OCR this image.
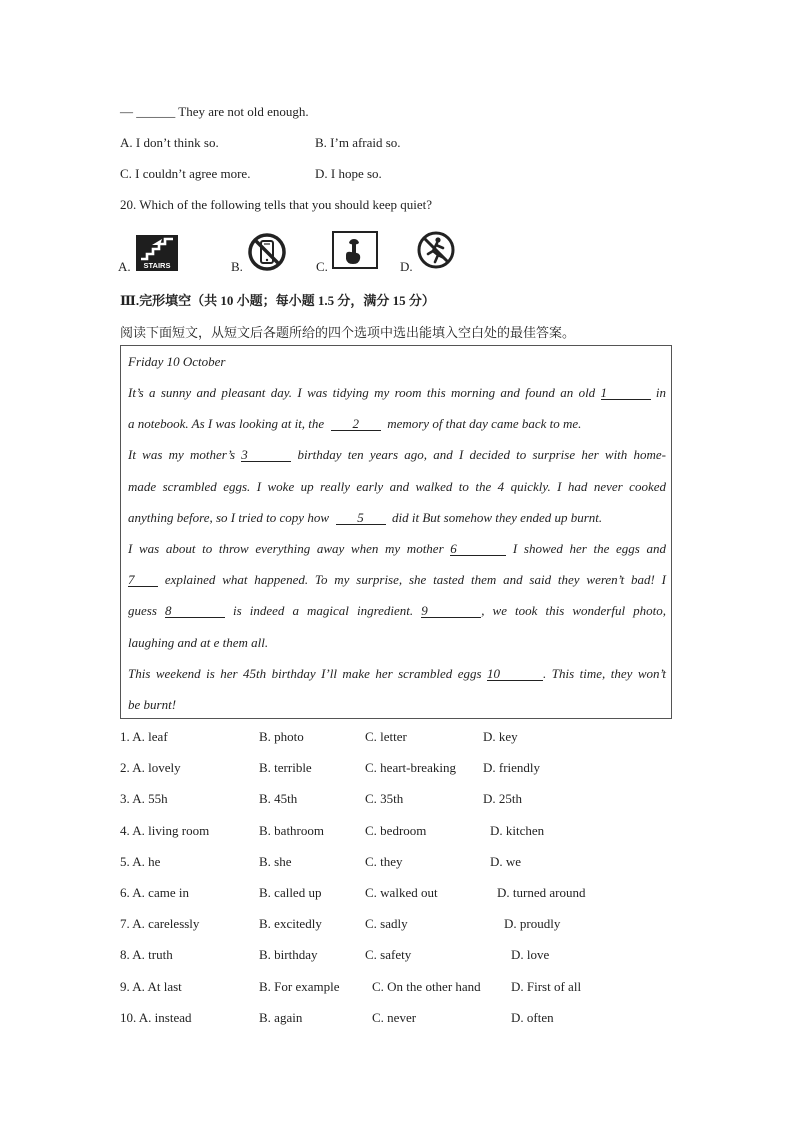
— ______ They are not old enough.
A. I don’t think so.	B. I’m afraid so.
C. I couldn’t agree more.	D. I hope so.
20. Which of the following tells that you should keep quiet?
A. STAIRS	B.	C.	D.
Ⅲ.完形填空（共 10 小题；每小题 1.5 分，满分 15 分）
阅读下面短文，从短文后各题所给的四个选项中选出能填入空白处的最佳答案。
Friday 10 October
It’s a sunny and pleasant day. I was tidying my room this morning and found an old 1	in
a notebook. As I was looking at it, the 2 memory of that day came back to me.
It was my mother’s 3	birthday ten years ago, and I decided to surprise her with home-
made scrambled eggs. I woke up really early and walked to the 4 quickly. I had never cooked
anything before, so I tried to copy how 5 did it But somehow they ended up burnt.
I was about to throw everything away when my mother 6	I showed her the eggs and
7 explained what happened. To my surprise, she tasted them and said they weren’t bad! I
guess 8	is indeed a magical ingredient. 9	, we took this wonderful photo,
laughing and at e them all.
This weekend is her 45th birthday I’ll make her scrambled eggs 10	. This time, they won’t
be burnt!
1. A. leaf	B. photo	C. letter	D. key
2. A. lovely	B. terrible	C. heart-breaking D. friendly
3. A. 55h	B. 45th	C. 35th	D. 25th
4. A. living room	B. bathroom	C. bedroom	D. kitchen
5. A. he	B. she	C. they	D. we
6. A. came in	B. called up	C. walked out	D. turned around
7. A. carelessly	B. excitedly	C. sadly	D. proudly
8. A. truth	B. birthday	C. safety	D. love
9. A. At last	B. For example C. On the other hand D. First of all
10. A. instead	B. again	C. never	D. often
